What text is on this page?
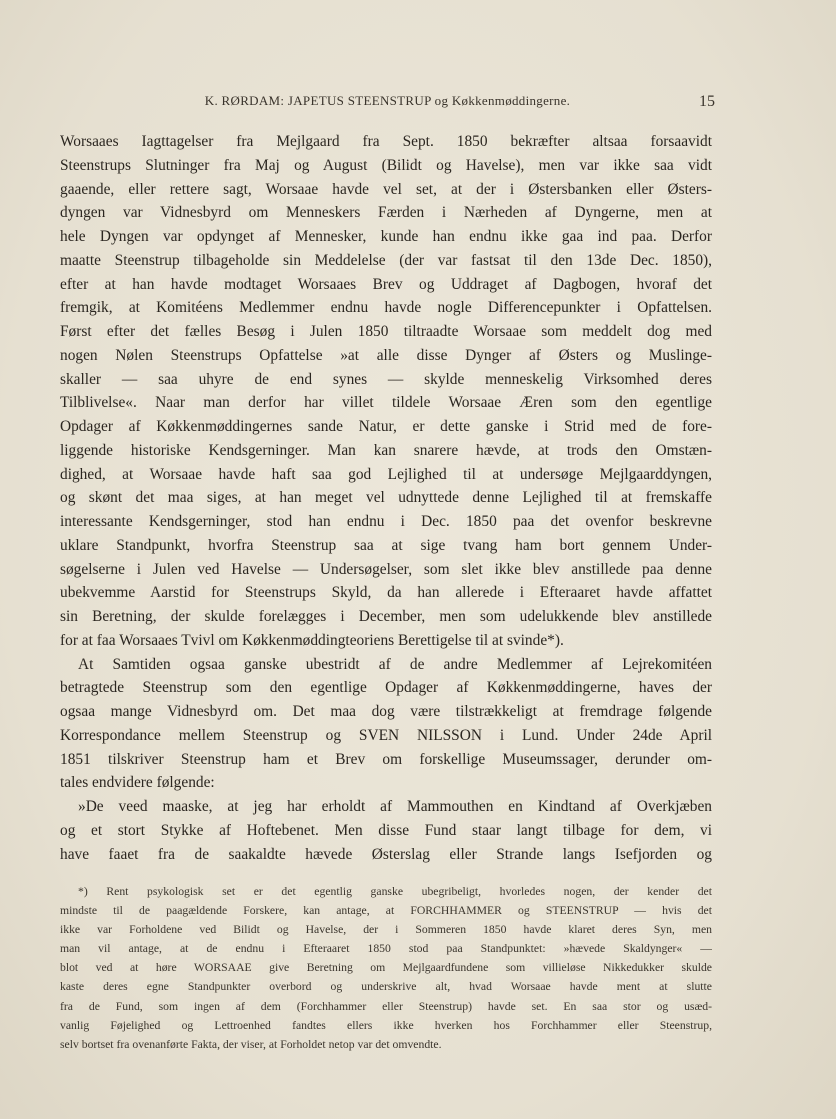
K. RØRDAM: JAPETUS STEENSTRUP og Køkkenmøddingerne.	15
Worsaaes Iagttagelser fra Mejlgaard fra Sept. 1850 bekræfter altsaa forsaavidt
Steenstrups Slutninger fra Maj og August (Bilidt og Havelse), men var ikke saa vidt
gaaende, eller rettere sagt, Worsaae havde vel set, at der i Østersbanken eller Østers-
dyngen var Vidnesbyrd om Menneskers Færden i Nærheden af Dyngerne, men at
hele Dyngen var opdynget af Mennesker, kunde han endnu ikke gaa ind paa. Derfor
maatte Steenstrup tilbageholde sin Meddelelse (der var fastsat til den 13de Dec. 1850),
efter at han havde modtaget Worsaaes Brev og Uddraget af Dagbogen, hvoraf det
fremgik, at Komitéens Medlemmer endnu havde nogle Differencepunkter i Opfattelsen.
Først efter det fælles Besøg i Julen 1850 tiltraadte Worsaae som meddelt dog med
nogen Nølen Steenstrups Opfattelse »at alle disse Dynger af Østers og Muslinge-
skaller — saa uhyre de end synes — skylde menneskelig Virksomhed deres
Tilblivelse«. Naar man derfor har villet tildele Worsaae Æren som den egentlige
Opdager af Køkkenmøddingernes sande Natur, er dette ganske i Strid med de fore-
liggende historiske Kendsgerninger. Man kan snarere hævde, at trods den Omstæn-
dighed, at Worsaae havde haft saa god Lejlighed til at undersøge Mejlgaarddyngen,
og skønt det maa siges, at han meget vel udnyttede denne Lejlighed til at fremskaffe
interessante Kendsgerninger, stod han endnu i Dec. 1850 paa det ovenfor beskrevne
uklare Standpunkt, hvorfra Steenstrup saa at sige tvang ham bort gennem Under-
søgelserne i Julen ved Havelse — Undersøgelser, som slet ikke blev anstillede paa denne
ubekvemme Aarstid for Steenstrups Skyld, da han allerede i Efteraaret havde affattet
sin Beretning, der skulde forelægges i December, men som udelukkende blev anstillede
for at faa Worsaaes Tvivl om Køkkenmøddingteoriens Berettigelse til at svinde*).
At Samtiden ogsaa ganske ubestridt af de andre Medlemmer af Lejrekomitéen
betragtede Steenstrup som den egentlige Opdager af Køkkenmøddingerne, haves der
ogsaa mange Vidnesbyrd om. Det maa dog være tilstrækkeligt at fremdrage følgende
Korrespondance mellem Steenstrup og SVEN NILSSON i Lund. Under 24de April
1851 tilskriver Steenstrup ham et Brev om forskellige Museumssager, derunder om-
tales endvidere følgende:
»De veed maaske, at jeg har erholdt af Mammouthen en Kindtand af Overkjæben
og et stort Stykke af Hoftebenet. Men disse Fund staar langt tilbage for dem, vi
have faaet fra de saakaldte hævede Østerslag eller Strande langs Isefjorden og
*) Rent psykologisk set er det egentlig ganske ubegribeligt, hvorledes nogen, der kender det
mindste til de paagældende Forskere, kan antage, at FORCHHAMMER og STEENSTRUP — hvis det
ikke var Forholdene ved Bilidt og Havelse, der i Sommeren 1850 havde klaret deres Syn, men
man vil antage, at de endnu i Efteraaret 1850 stod paa Standpunktet: »hævede Skaldynger« —
blot ved at høre WORSAAE give Beretning om Mejlgaardfundene som villieløse Nikkedukker skulde
kaste deres egne Standpunkter overbord og underskrive alt, hvad Worsaae havde ment at slutte
fra de Fund, som ingen af dem (Forchhammer eller Steenstrup) havde set. En saa stor og usæd-
vanlig Føjelighed og Lettroenhed fandtes ellers ikke hverken hos Forchhammer eller Steenstrup,
selv bortset fra ovenanførte Fakta, der viser, at Forholdet netop var det omvendte.
